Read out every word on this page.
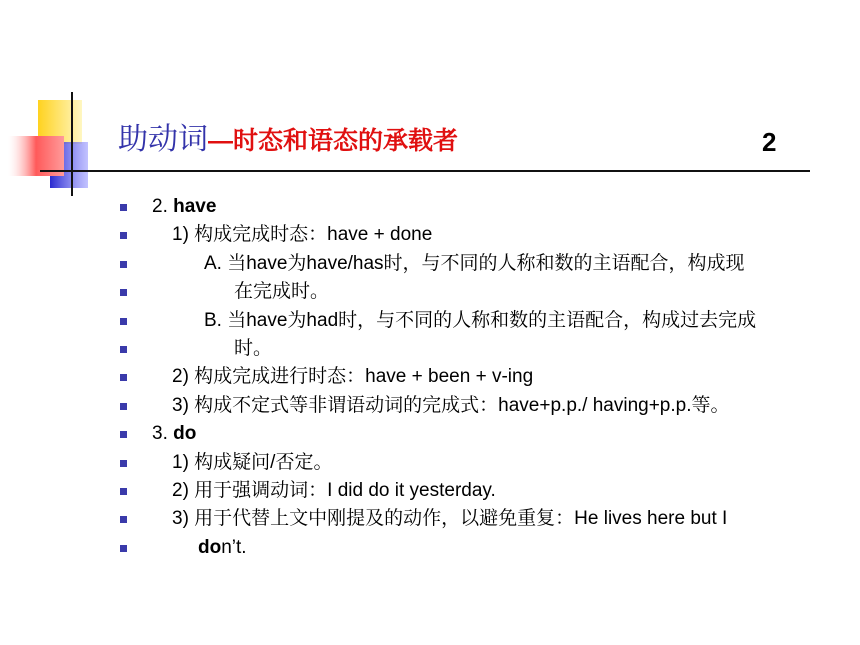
助动词—时态和语态的承载者	2
2. have
1) 构成完成时态：have + done
A. 当have为have/has时，与不同的人称和数的主语配合，构成现
在完成时。
B. 当have为had时，与不同的人称和数的主语配合，构成过去完成
时。
2) 构成完成进行时态：have + been + v-ing
3) 构成不定式等非谓语动词的完成式：have+p.p./ having+p.p.等。
3. do
1) 构成疑问/否定。
2) 用于强调动词：I did do it yesterday.
3) 用于代替上文中刚提及的动作，以避免重复：He lives here but I
don’t.
